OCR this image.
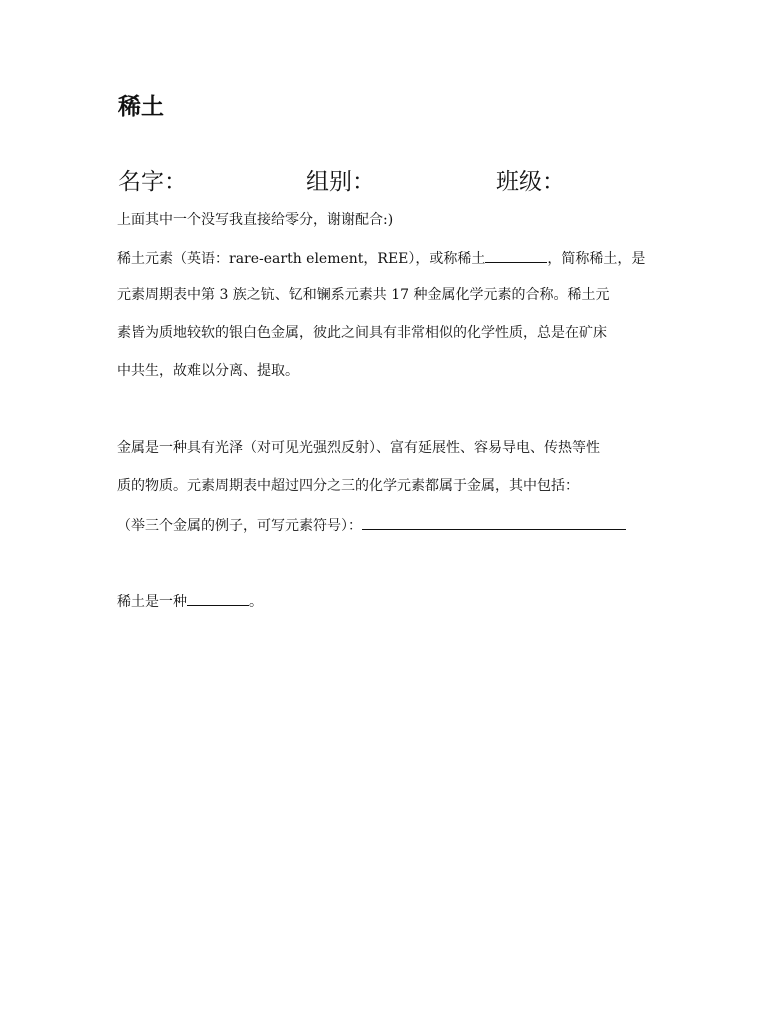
稀土
名字：	组别：	班级：
上面其中一个没写我直接给零分，谢谢配合:)
稀土元素（英语：rare-earth element，REE），或称稀土	，简称稀土，是
元素周期表中第 3 族之钪、钇和镧系元素共 17 种金属化学元素的合称。稀土元
素皆为质地较软的银白色金属，彼此之间具有非常相似的化学性质，总是在矿床
中共生，故难以分离、提取。
金属是一种具有光泽（对可见光强烈反射）、富有延展性、容易导电、传热等性
质的物质。元素周期表中超过四分之三的化学元素都属于金属，其中包括：
（举三个金属的例子，可写元素符号）：
稀土是一种	。
